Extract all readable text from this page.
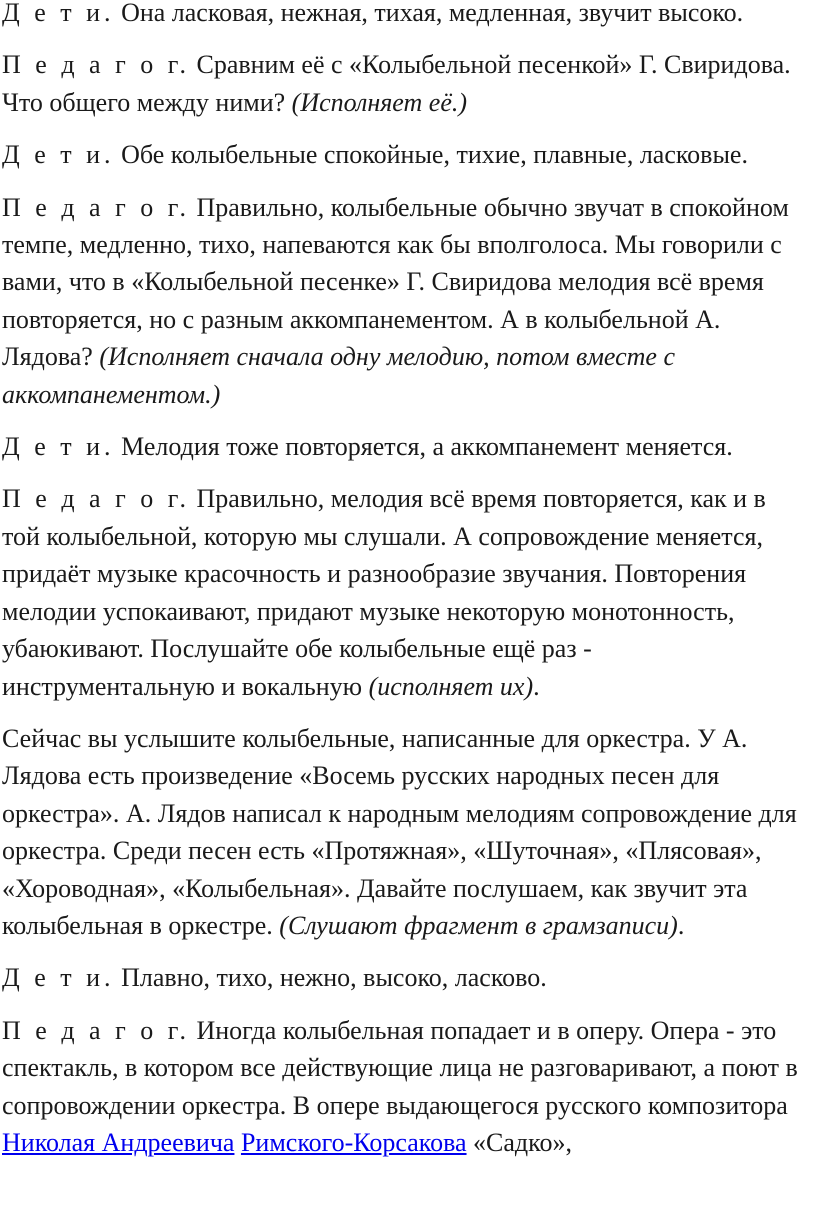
Д е т и. Она ласковая, нежная, тихая, медленная, звучит высоко.

П е д а г о г. Сравним её с «Колыбельной песенкой» Г. Свиридова. Что общего между ними? (Исполняет её.)

Д е т и. Обе колыбельные спокойные, тихие, плавные, ласковые.

П е д а г о г. Правильно, колыбельные обычно звучат в спокойном темпе, медленно, тихо, напеваются как бы вполголоса. Мы говорили с вами, что в «Колыбельной песенке» Г. Свиридова мелодия всё время повторяется, но с разным аккомпанементом. А в колыбельной А. Лядова? (Исполняет сначала одну мелодию, потом вместе с аккомпанементом.)

Д е т и. Мелодия тоже повторяется, а аккомпанемент меняется.

П е д а г о г. Правильно, мелодия всё время повторяется, как и в той колыбельной, которую мы слушали. А сопровождение меняется, придаёт музыке красочность и разнообразие звучания. Повторения мелодии успокаивают, придают музыке некоторую монотонность, убаюкивают. Послушайте обе колыбельные ещё раз - инструментальную и вокальную (исполняет их).

Сейчас вы услышите колыбельные, написанные для оркестра. У А. Лядова есть произведение «Восемь русских народных песен для оркестра». А. Лядов написал к народным мелодиям сопровождение для оркестра. Среди песен есть «Протяжная», «Шуточная», «Плясовая», «Хороводная», «Колыбельная». Давайте послушаем, как звучит эта колыбельная в оркестре. (Слушают фрагмент в грамзаписи).

Д е т и. Плавно, тихо, нежно, высоко, ласково.

П е д а г о г. Иногда колыбельная попадает и в оперу. Опера - это спектакль, в котором все действующие лица не разговаривают, а поют в сопровождении оркестра. В опере выдающегося русского композитора Николая Андреевича Римского-Корсакова «Садко»,
